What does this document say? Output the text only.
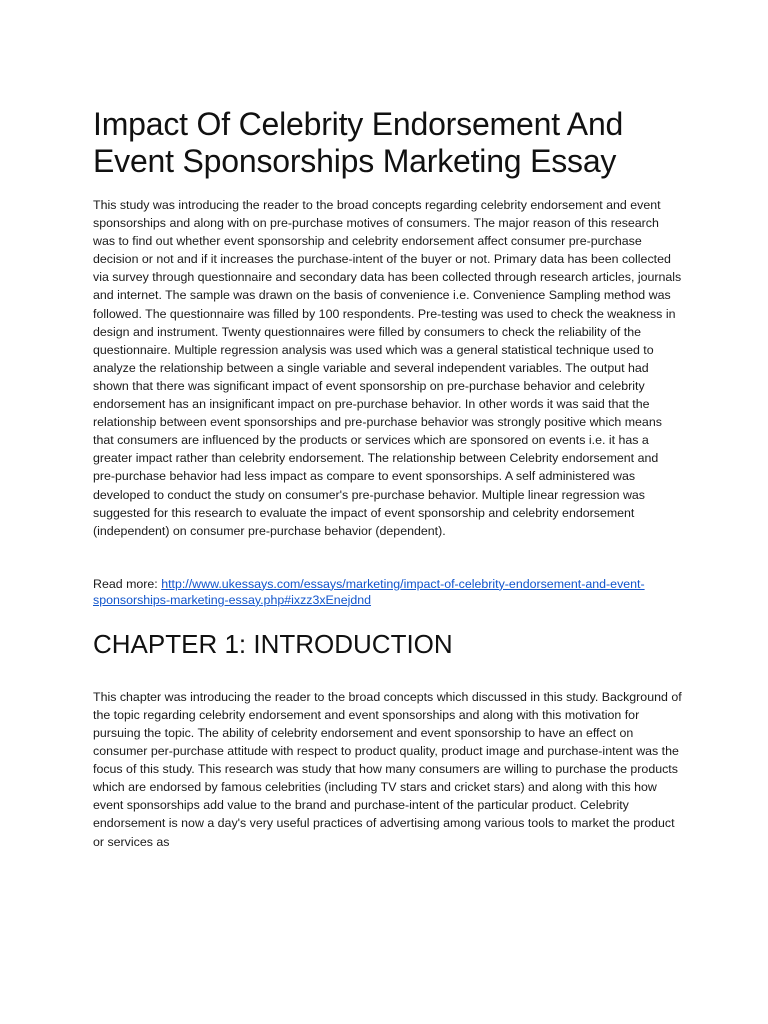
Impact Of Celebrity Endorsement And Event Sponsorships Marketing Essay

This study was introducing the reader to the broad concepts regarding celebrity endorsement and event sponsorships and along with on pre-purchase motives of consumers. The major reason of this research was to find out whether event sponsorship and celebrity endorsement affect consumer pre-purchase decision or not and if it increases the purchase-intent of the buyer or not. Primary data has been collected via survey through questionnaire and secondary data has been collected through research articles, journals and internet. The sample was drawn on the basis of convenience i.e. Convenience Sampling method was followed. The questionnaire was filled by 100 respondents. Pre-testing was used to check the weakness in design and instrument. Twenty questionnaires were filled by consumers to check the reliability of the questionnaire. Multiple regression analysis was used which was a general statistical technique used to analyze the relationship between a single variable and several independent variables. The output had shown that there was significant impact of event sponsorship on pre-purchase behavior and celebrity endorsement has an insignificant impact on pre-purchase behavior. In other words it was said that the relationship between event sponsorships and pre-purchase behavior was strongly positive which means that consumers are influenced by the products or services which are sponsored on events i.e. it has a greater impact rather than celebrity endorsement. The relationship between Celebrity endorsement and pre-purchase behavior had less impact as compare to event sponsorships. A self administered was developed to conduct the study on consumer's pre-purchase behavior. Multiple linear regression was suggested for this research to evaluate the impact of event sponsorship and celebrity endorsement (independent) on consumer pre-purchase behavior (dependent).

Read more: http://www.ukessays.com/essays/marketing/impact-of-celebrity-endorsement-and-event-sponsorships-marketing-essay.php#ixzz3xEnejdnd

CHAPTER 1: INTRODUCTION

This chapter was introducing the reader to the broad concepts which discussed in this study. Background of the topic regarding celebrity endorsement and event sponsorships and along with this motivation for pursuing the topic. The ability of celebrity endorsement and event sponsorship to have an effect on consumer per-purchase attitude with respect to product quality, product image and purchase-intent was the focus of this study. This research was study that how many consumers are willing to purchase the products which are endorsed by famous celebrities (including TV stars and cricket stars) and along with this how event sponsorships add value to the brand and purchase-intent of the particular product. Celebrity endorsement is now a day's very useful practices of advertising among various tools to market the product or services as
